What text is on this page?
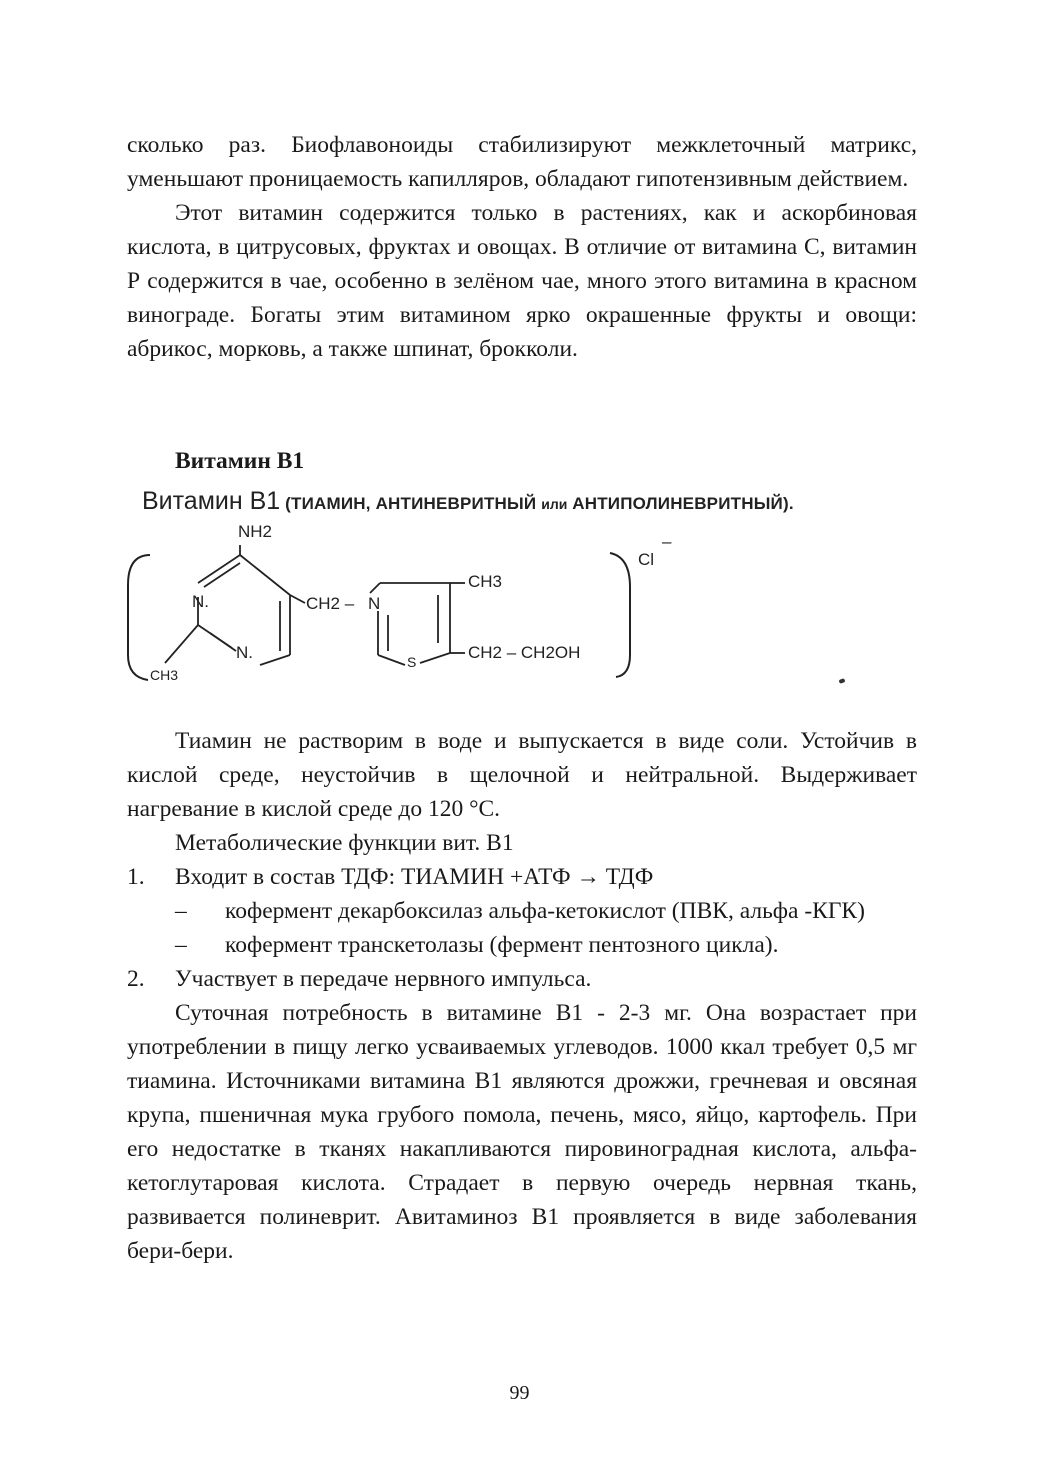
сколько раз. Биофлавоноиды стабилизируют межклеточный матрикс, уменьшают проницаемость капилляров, обладают гипотензивным действием.

Этот витамин содержится только в растениях, как и аскорбиновая кислота, в цитрусовых, фруктах и овощах. В отличие от витамина С, витамин Р содержится в чае, особенно в зелёном чае, много этого витамина в красном винограде. Богаты этим витамином ярко окрашенные фрукты и овощи: абрикос, морковь, а также шпинат, брокколи.

Витамин B1
Витамин В1 (ТИАМИН, АНТИНЕВРИТНЫЙ или АНТИПОЛИНЕВРИТНЫЙ).
NH2
N.
N.
CH3
CH2 – N
S
CH3
CH2 – CH2OH
Cl
–

Тиамин не растворим в воде и выпускается в виде соли. Устойчив в кислой среде, неустойчив в щелочной и нейтральной. Выдерживает нагревание в кислой среде до 120 °С.

Метаболические функции вит. В1

1.	Входит в состав ТДФ: ТИАМИН +АТФ → ТДФ
– кофермент декарбоксилаз альфа-кетокислот (ПВК, альфа -КГК)
– кофермент транскетолазы (фермент пентозного цикла).
2.	Участвует в передаче нервного импульса.

Суточная потребность в витамине В1 - 2-3 мг. Она возрастает при употреблении в пищу легко усваиваемых углеводов. 1000 ккал требует 0,5 мг тиамина. Источниками витамина В1 являются дрожжи, гречневая и овсяная крупа, пшеничная мука грубого помола, печень, мясо, яйцо, картофель. При его недостатке в тканях накапливаются пировиноградная кислота, альфа-кетоглутаровая кислота. Страдает в первую очередь нервная ткань, развивается полиневрит. Авитаминоз В1 проявляется в виде заболевания бери-бери.

99
